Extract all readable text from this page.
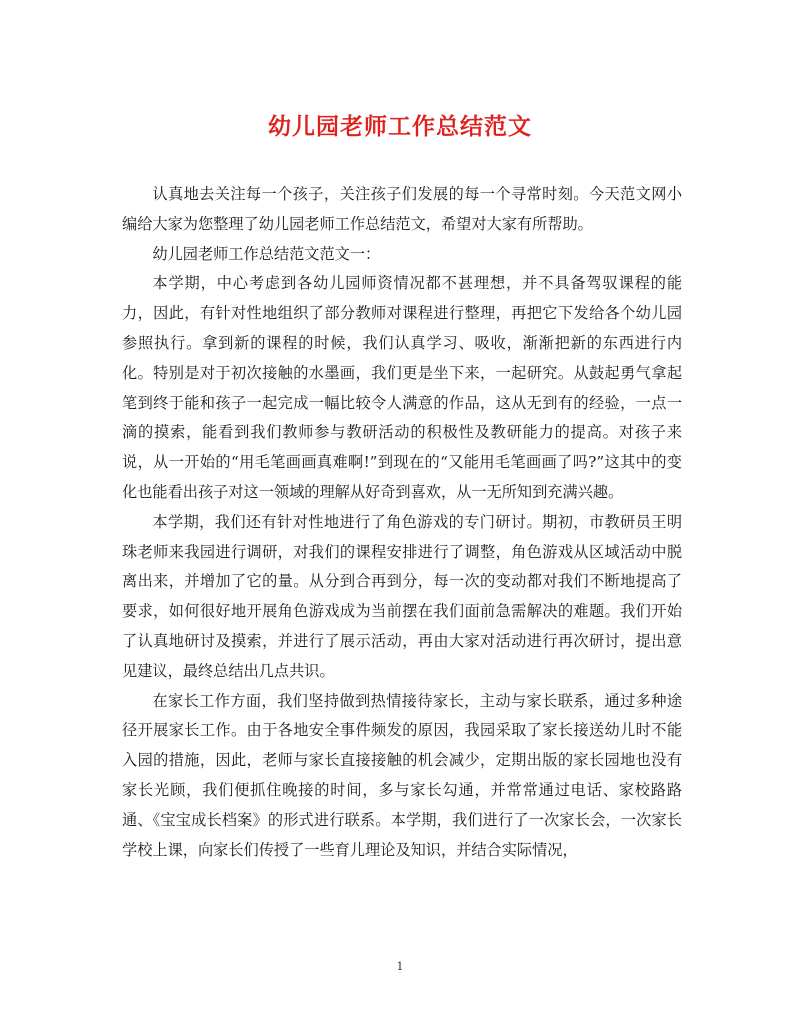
幼儿园老师工作总结范文

认真地去关注每一个孩子，关注孩子们发展的每一个寻常时刻。今天范文网小编给大家为您整理了幼儿园老师工作总结范文，希望对大家有所帮助。

幼儿园老师工作总结范文范文一：

本学期，中心考虑到各幼儿园师资情况都不甚理想，并不具备驾驭课程的能力，因此，有针对性地组织了部分教师对课程进行整理，再把它下发给各个幼儿园参照执行。拿到新的课程的时候，我们认真学习、吸收，渐渐把新的东西进行内化。特别是对于初次接触的水墨画，我们更是坐下来，一起研究。从鼓起勇气拿起笔到终于能和孩子一起完成一幅比较令人满意的作品，这从无到有的经验，一点一滴的摸索，能看到我们教师参与教研活动的积极性及教研能力的提高。对孩子来说，从一开始的“用毛笔画画真难啊!”到现在的“又能用毛笔画画了吗?”这其中的变化也能看出孩子对这一领域的理解从好奇到喜欢，从一无所知到充满兴趣。

本学期，我们还有针对性地进行了角色游戏的专门研讨。期初，市教研员王明珠老师来我园进行调研，对我们的课程安排进行了调整，角色游戏从区域活动中脱离出来，并增加了它的量。从分到合再到分，每一次的变动都对我们不断地提高了要求，如何很好地开展角色游戏成为当前摆在我们面前急需解决的难题。我们开始了认真地研讨及摸索，并进行了展示活动，再由大家对活动进行再次研讨，提出意见建议，最终总结出几点共识。

在家长工作方面，我们坚持做到热情接待家长，主动与家长联系，通过多种途径开展家长工作。由于各地安全事件频发的原因，我园采取了家长接送幼儿时不能入园的措施，因此，老师与家长直接接触的机会减少，定期出版的家长园地也没有家长光顾，我们便抓住晚接的时间，多与家长勾通，并常常通过电话、家校路路通、《宝宝成长档案》的形式进行联系。本学期，我们进行了一次家长会，一次家长学校上课，向家长们传授了一些育儿理论及知识，并结合实际情况，

1
